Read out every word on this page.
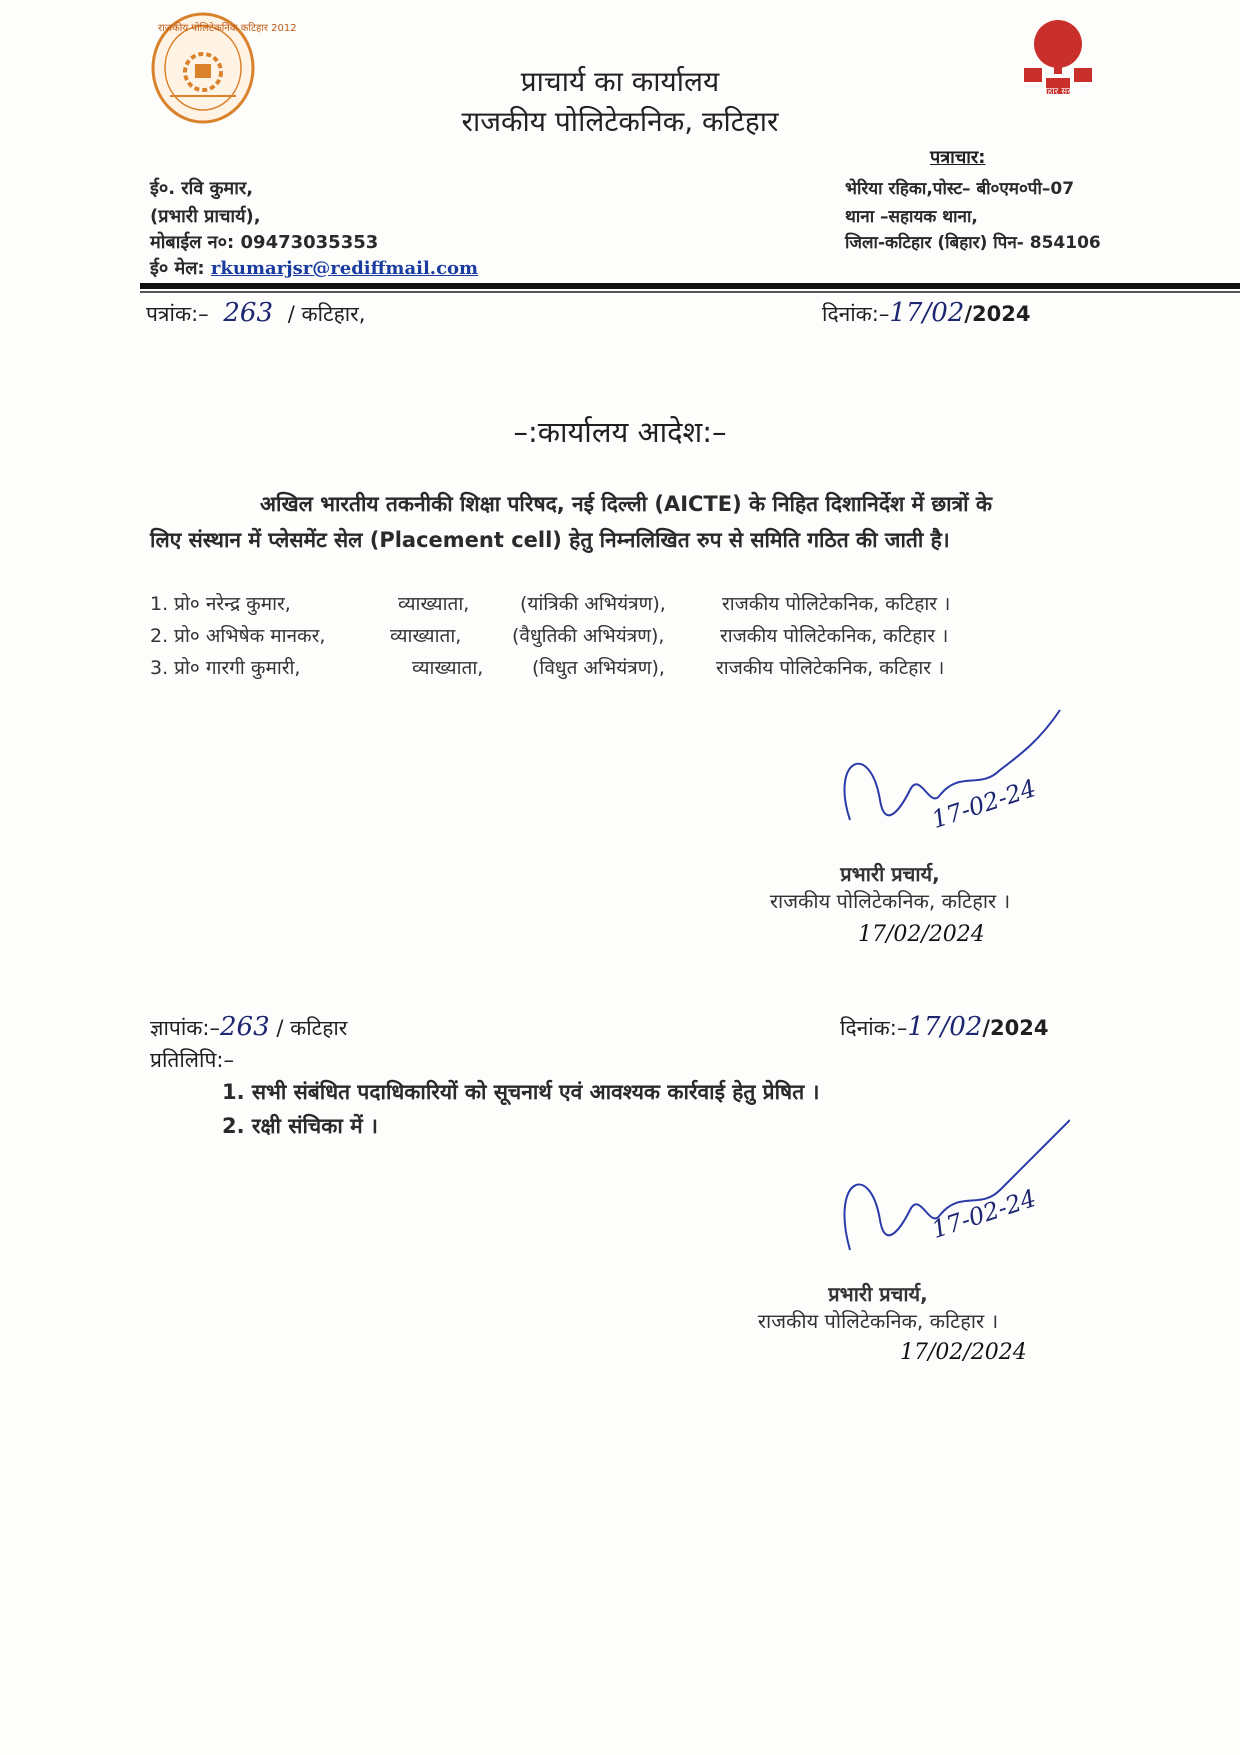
राजकीय पोलिटेकनिक कटिहार 2012
बिहार सरकार
प्राचार्य का कार्यालय
राजकीय पोलिटेकनिक, कटिहार
ई०. रवि कुमार,
(प्रभारी प्राचार्य),
मोबाईल न०: 09473035353
ई० मेल: rkumarjsr@rediffmail.com
पत्राचार:
भेरिया रहिका,पोस्ट– बी०एम०पी–07
थाना –सहायक थाना,
जिला-कटिहार (बिहार) पिन- 854106
पत्रांक:– 263 / कटिहार,	दिनांक:–17/02/2024
–:कार्यालय आदेश:–
अखिल भारतीय तकनीकी शिक्षा परिषद, नई दिल्ली (AICTE) के निहित दिशानिर्देश में छात्रों के
लिए संस्थान में प्लेसमेंट सेल (Placement cell) हेतु निम्नलिखित रुप से समिति गठित की जाती है।
1. प्रो० नरेन्द्र कुमार,	व्याख्याता,	(यांत्रिकी अभियंत्रण),	राजकीय पोलिटेकनिक, कटिहार ।
2. प्रो० अभिषेक मानकर,	व्याख्याता,	(वैधुतिकी अभियंत्रण),	राजकीय पोलिटेकनिक, कटिहार ।
3. प्रो० गारगी कुमारी,	व्याख्याता,	(विधुत अभियंत्रण),	राजकीय पोलिटेकनिक, कटिहार ।
17-02-24
प्रभारी प्रचार्य,
राजकीय पोलिटेकनिक, कटिहार ।
17/02/2024
ज्ञापांक:–263 / कटिहार	दिनांक:–17/02/2024
प्रतिलिपि:–
1. सभी संबंधित पदाधिकारियों को सूचनार्थ एवं आवश्यक कार्रवाई हेतु प्रेषित ।
2. रक्षी संचिका में ।
17-02-24
प्रभारी प्रचार्य,
राजकीय पोलिटेकनिक, कटिहार ।
17/02/2024
